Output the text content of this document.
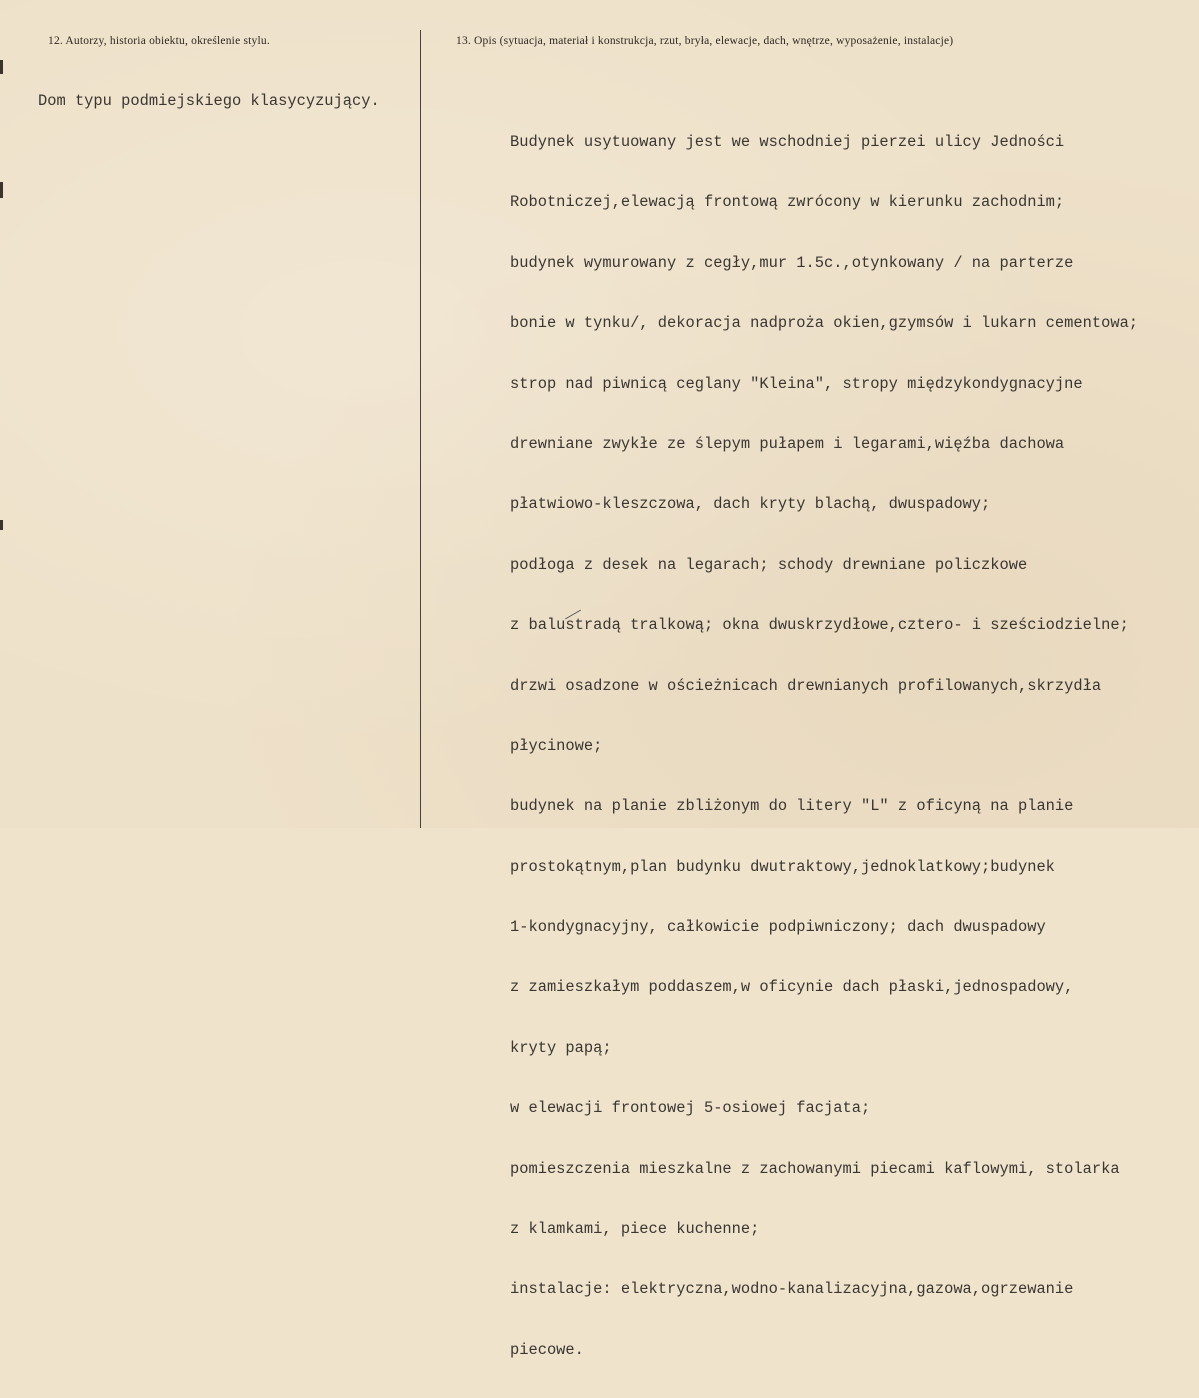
12. Autorzy, historia obiektu, określenie stylu.	13. Opis (sytuacja, materiał i konstrukcja, rzut, bryła, elewacje, dach, wnętrze, wyposażenie, instalacje)
Dom typu podmiejskiego klasycyzujący.

Budynek usytuowany jest we wschodniej pierzei ulicy Jedności

Robotniczej,elewacją frontową zwrócony w kierunku zachodnim;

budynek wymurowany z cegły,mur 1.5c.,otynkowany / na parterze

bonie w tynku/, dekoracja nadproża okien,gzymsów i lukarn cementowa;

strop nad piwnicą ceglany "Kleina", stropy międzykondygnacyjne

drewniane zwykłe ze ślepym pułapem i legarami,więźba dachowa

płatwiowo-kleszczowa, dach kryty blachą, dwuspadowy;

podłoga z desek na legarach; schody drewniane policzkowe

z balustradą tralkową; okna dwuskrzydłowe,cztero- i sześciodzielne;

drzwi osadzone w ościeżnicach drewnianych profilowanych,skrzydła

płycinowe;

budynek na planie zbliżonym do litery "L" z oficyną na planie

prostokątnym,plan budynku dwutraktowy,jednoklatkowy;budynek

1-kondygnacyjny, całkowicie podpiwniczony; dach dwuspadowy

z zamieszkałym poddaszem,w oficynie dach płaski,jednospadowy,

kryty papą;

w elewacji frontowej 5-osiowej facjata;

pomieszczenia mieszkalne z zachowanymi piecami kaflowymi, stolarka

z klamkami, piece kuchenne;

instalacje: elektryczna,wodno-kanalizacyjna,gazowa,ogrzewanie

piecowe.
